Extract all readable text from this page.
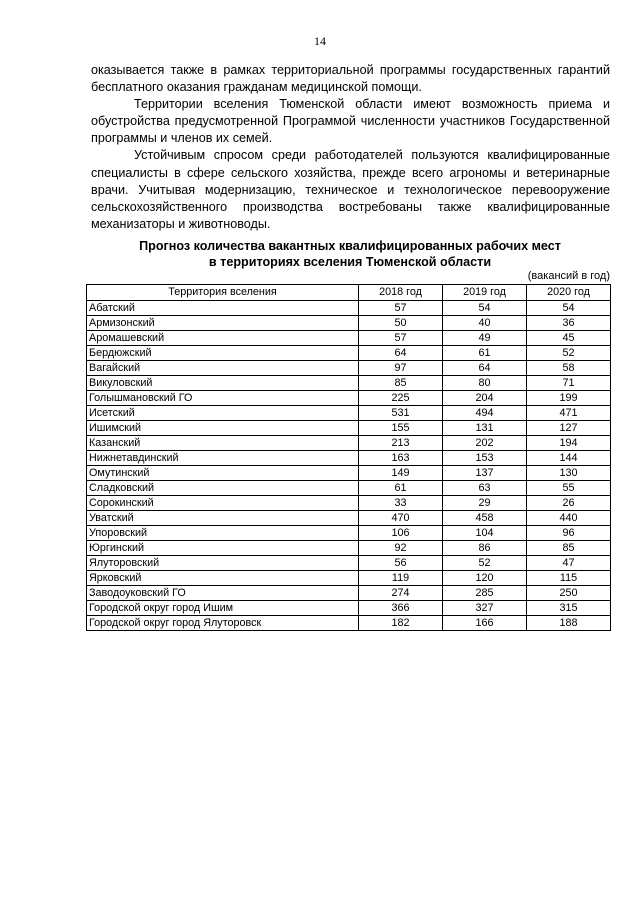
14

оказывается также в рамках территориальной программы государственных гарантий бесплатного оказания гражданам медицинской помощи.

Территории вселения Тюменской области имеют возможность приема и обустройства предусмотренной Программой численности участников Государственной программы и членов их семей.

Устойчивым спросом среди работодателей пользуются квалифицированные специалисты в сфере сельского хозяйства, прежде всего агрономы и ветеринарные врачи. Учитывая модернизацию, техническое и технологическое перевооружение сельскохозяйственного производства востребованы также квалифицированные механизаторы и животноводы.

Прогноз количества вакантных квалифицированных рабочих мест
в территориях вселения Тюменской области
(вакансий в год)
Территория вселения	2018 год	2019 год	2020 год
Абатский	57	54	54
Армизонский	50	40	36
Аромашевский	57	49	45
Бердюжский	64	61	52
Вагайский	97	64	58
Викуловский	85	80	71
Голышмановский ГО	225	204	199
Исетский	531	494	471
Ишимский	155	131	127
Казанский	213	202	194
Нижнетавдинский	163	153	144
Омутинский	149	137	130
Сладковский	61	63	55
Сорокинский	33	29	26
Уватский	470	458	440
Упоровский	106	104	96
Юргинский	92	86	85
Ялуторовский	56	52	47
Ярковский	119	120	115
Заводоуковский ГО	274	285	250
Городской округ город Ишим	366	327	315
Городской округ город Ялуторовск	182	166	188
